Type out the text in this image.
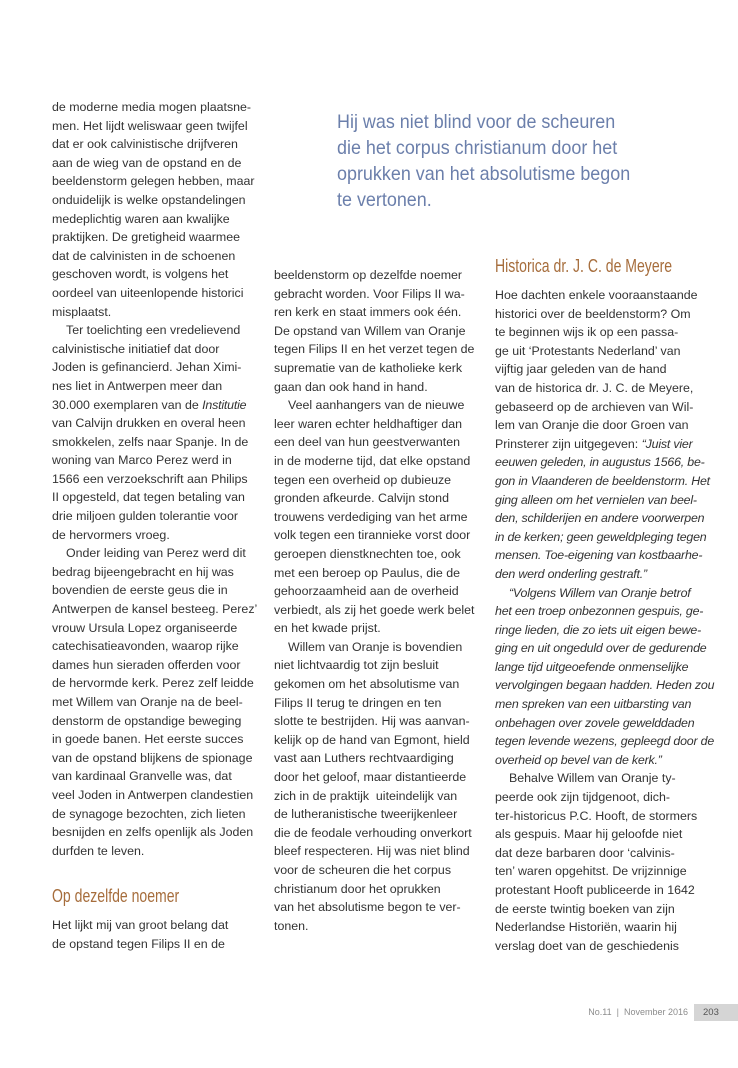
Hij was niet blind voor de scheuren
die het corpus christianum door het
oprukken van het absolutisme begon
te vertonen.
de moderne media mogen plaatsne-
men. Het lijdt weliswaar geen twijfel
dat er ook calvinistische drijfveren
aan de wieg van de opstand en de
beeldenstorm gelegen hebben, maar
onduidelijk is welke opstandelingen
medeplichtig waren aan kwalijke
praktijken. De gretigheid waarmee
dat de calvinisten in de schoenen
geschoven wordt, is volgens het
oordeel van uiteenlopende historici
misplaatst.
Ter toelichting een vredelievend
calvinistische initiatief dat door
Joden is gefinancierd. Jehan Ximi-
nes liet in Antwerpen meer dan
30.000 exemplaren van de Institutie
van Calvijn drukken en overal heen
smokkelen, zelfs naar Spanje. In de
woning van Marco Perez werd in
1566 een verzoekschrift aan Philips
II opgesteld, dat tegen betaling van
drie miljoen gulden tolerantie voor
de hervormers vroeg.
Onder leiding van Perez werd dit
bedrag bijeengebracht en hij was
bovendien de eerste geus die in
Antwerpen de kansel besteeg. Perez’
vrouw Ursula Lopez organiseerde
catechisatieavonden, waarop rijke
dames hun sieraden offerden voor
de hervormde kerk. Perez zelf leidde
met Willem van Oranje na de beel-
denstorm de opstandige beweging
in goede banen. Het eerste succes
van de opstand blijkens de spionage
van kardinaal Granvelle was, dat
veel Joden in Antwerpen clandestien
de synagoge bezochten, zich lieten
besnijden en zelfs openlijk als Joden
durfden te leven.
Op dezelfde noemer
Het lijkt mij van groot belang dat
de opstand tegen Filips II en de
beeldenstorm op dezelfde noemer
gebracht worden. Voor Filips II wa-
ren kerk en staat immers ook één.
De opstand van Willem van Oranje
tegen Filips II en het verzet tegen de
suprematie van de katholieke kerk
gaan dan ook hand in hand.
Veel aanhangers van de nieuwe
leer waren echter heldhaftiger dan
een deel van hun geestverwanten
in de moderne tijd, dat elke opstand
tegen een overheid op dubieuze
gronden afkeurde. Calvijn stond
trouwens verdediging van het arme
volk tegen een tirannieke vorst door
geroepen dienstknechten toe, ook
met een beroep op Paulus, die de
gehoorzaamheid aan de overheid
verbiedt, als zij het goede werk belet
en het kwade prijst.
Willem van Oranje is bovendien
niet lichtvaardig tot zijn besluit
gekomen om het absolutisme van
Filips II terug te dringen en ten
slotte te bestrijden. Hij was aanvan-
kelijk op de hand van Egmont, hield
vast aan Luthers rechtvaardiging
door het geloof, maar distantieerde
zich in de praktijk  uiteindelijk van
de lutheranistische tweerijkenleer
die de feodale verhouding onverkort
bleef respecteren. Hij was niet blind
voor de scheuren die het corpus
christianum door het oprukken
van het absolutisme begon te ver-
tonen.
Historica dr. J. C. de Meyere
Hoe dachten enkele vooraanstaande
historici over de beeldenstorm? Om
te beginnen wijs ik op een passa-
ge uit ‘Protestants Nederland’ van
vijftig jaar geleden van de hand
van de historica dr. J. C. de Meyere,
gebaseerd op de archieven van Wil-
lem van Oranje die door Groen van
Prinsterer zijn uitgegeven: “Juist vier
eeuwen geleden, in augustus 1566, be-
gon in Vlaanderen de beeldenstorm. Het
ging alleen om het vernielen van beel-
den, schilderijen en andere voorwerpen
in de kerken; geen geweldpleging tegen
mensen. Toe-eigening van kostbaarhe-
den werd onderling gestraft.”
“Volgens Willem van Oranje betrof
het een troep onbezonnen gespuis, ge-
ringe lieden, die zo iets uit eigen bewe-
ging en uit ongeduld over de gedurende
lange tijd uitgeoefende onmenselijke
vervolgingen begaan hadden. Heden zou
men spreken van een uitbarsting van
onbehagen over zovele gewelddaden
tegen levende wezens, gepleegd door de
overheid op bevel van de kerk.”
Behalve Willem van Oranje ty-
peerde ook zijn tijdgenoot, dich-
ter-historicus P.C. Hooft, de stormers
als gespuis. Maar hij geloofde niet
dat deze barbaren door ‘calvinis-
ten’ waren opgehitst. De vrijzinnige
protestant Hooft publiceerde in 1642
de eerste twintig boeken van zijn
Nederlandse Historiën, waarin hij
verslag doet van de geschiedenis
No.11 | November 2016	203
